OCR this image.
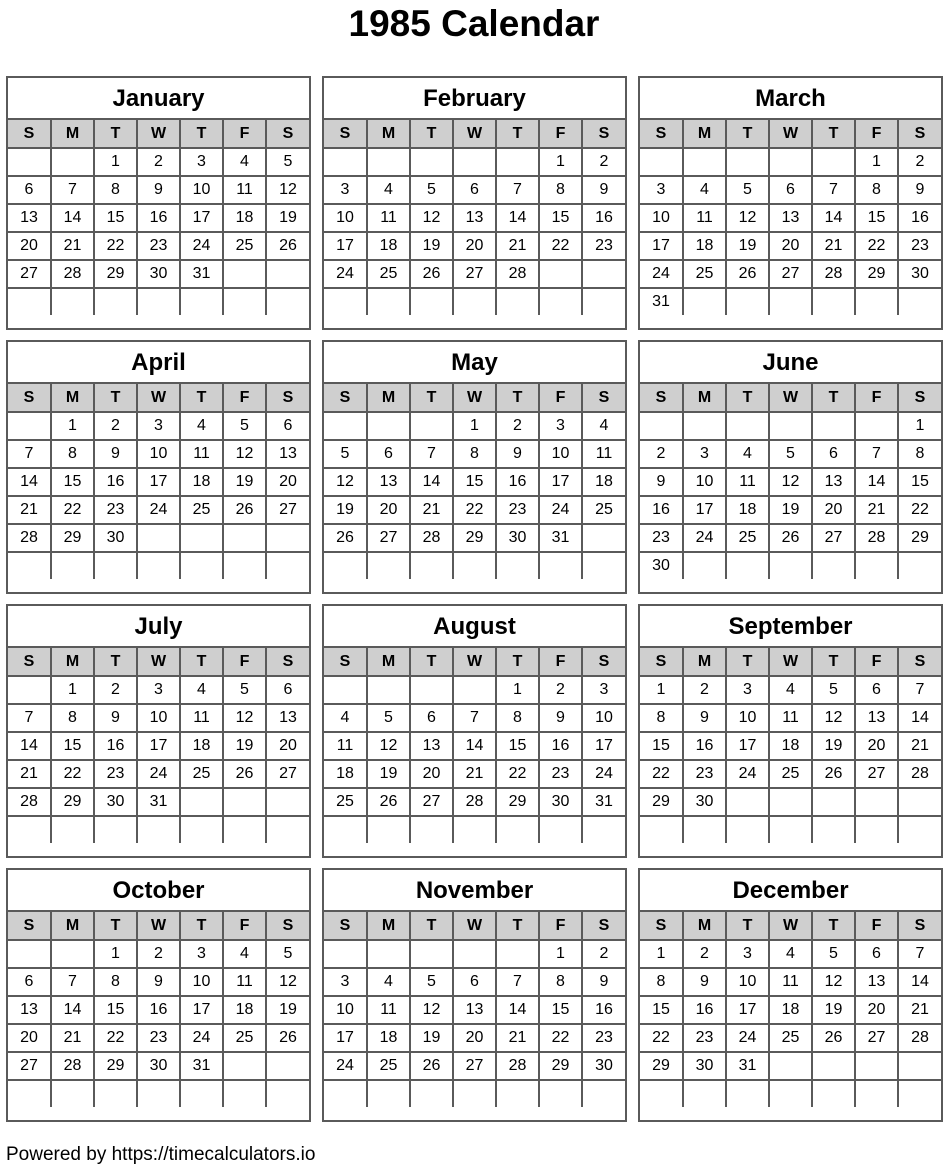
1985 Calendar
January
S	M	T	W	T	F	S
		1	2	3	4	5
6	7	8	9	10	11	12
13	14	15	16	17	18	19
20	21	22	23	24	25	26
27	28	29	30	31		

February
S	M	T	W	T	F	S
					1	2
3	4	5	6	7	8	9
10	11	12	13	14	15	16
17	18	19	20	21	22	23
24	25	26	27	28		

March
S	M	T	W	T	F	S
					1	2
3	4	5	6	7	8	9
10	11	12	13	14	15	16
17	18	19	20	21	22	23
24	25	26	27	28	29	30
31						
April
S	M	T	W	T	F	S
	1	2	3	4	5	6
7	8	9	10	11	12	13
14	15	16	17	18	19	20
21	22	23	24	25	26	27
28	29	30				

May
S	M	T	W	T	F	S
			1	2	3	4
5	6	7	8	9	10	11
12	13	14	15	16	17	18
19	20	21	22	23	24	25
26	27	28	29	30	31	

June
S	M	T	W	T	F	S
						1
2	3	4	5	6	7	8
9	10	11	12	13	14	15
16	17	18	19	20	21	22
23	24	25	26	27	28	29
30						
July
S	M	T	W	T	F	S
	1	2	3	4	5	6
7	8	9	10	11	12	13
14	15	16	17	18	19	20
21	22	23	24	25	26	27
28	29	30	31			

August
S	M	T	W	T	F	S
				1	2	3
4	5	6	7	8	9	10
11	12	13	14	15	16	17
18	19	20	21	22	23	24
25	26	27	28	29	30	31

September
S	M	T	W	T	F	S
1	2	3	4	5	6	7
8	9	10	11	12	13	14
15	16	17	18	19	20	21
22	23	24	25	26	27	28
29	30					

October
S	M	T	W	T	F	S
		1	2	3	4	5
6	7	8	9	10	11	12
13	14	15	16	17	18	19
20	21	22	23	24	25	26
27	28	29	30	31		

November
S	M	T	W	T	F	S
					1	2
3	4	5	6	7	8	9
10	11	12	13	14	15	16
17	18	19	20	21	22	23
24	25	26	27	28	29	30

December
S	M	T	W	T	F	S
1	2	3	4	5	6	7
8	9	10	11	12	13	14
15	16	17	18	19	20	21
22	23	24	25	26	27	28
29	30	31				

Powered by https://timecalculators.io
